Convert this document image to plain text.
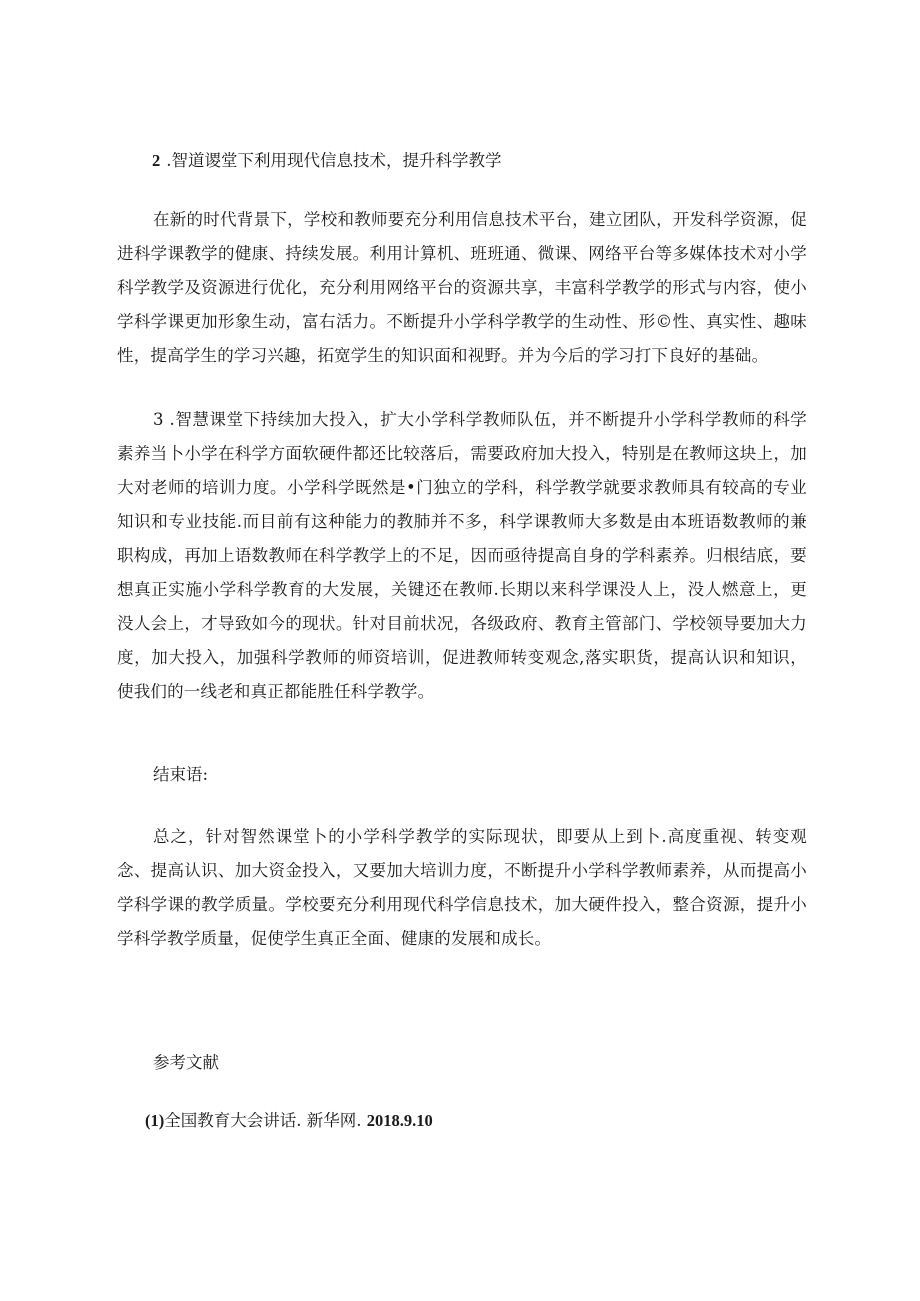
2 .智道谡堂下利用现代信息技术，提升科学教学

在新的时代背景下，学校和教师要充分利用信息技术平台，建立团队，开发科学资源，促进科学课教学的健康、持续发展。利用计算机、班班通、微课、网络平台等多媒体技术对小学科学教学及资源进行优化，充分利用网络平台的资源共享，丰富科学教学的形式与内容，使小学科学课更加形象生动，富右活力。不断提升小学科学教学的生动性、形©性、真实性、趣味性，提高学生的学习兴趣，拓宽学生的知识面和视野。并为今后的学习打下良好的基础。

3 .智慧课堂下持续加大投入，扩大小学科学教师队伍，并不断提升小学科学教师的科学素养当卜小学在科学方面软硬件都还比较落后，需要政府加大投入，特别是在教师这块上，加大对老师的培训力度。小学科学既然是•门独立的学科，科学教学就要求教师具有较高的专业知识和专业技能.而目前有这种能力的教肺并不多，科学课教师大多数是由本班语数教师的兼职构成，再加上语数教师在科学教学上的不足，因而亟待提高自身的学科素养。归根结底，要想真正实施小学科学教育的大发展，关键还在教师.长期以来科学课没人上，没人燃意上，更没人会上，才导致如今的现状。针对目前状况，各级政府、教育主管部门、学校领导要加大力度，加大投入，加强科学教师的师资培训，促进教师转变观念,落实职货，提高认识和知识，使我们的一线老和真正都能胜任科学教学。

结束语:

总之，针对智然课堂卜的小学科学教学的实际现状，即要从上到卜.高度重视、转变观念、提高认识、加大资金投入，又要加大培训力度，不断提升小学科学教师素养，从而提高小学科学课的教学质量。学校要充分利用现代科学信息技术，加大硬件投入，整合资源，提升小学科学教学质量，促使学生真正全面、健康的发展和成长。

参考文献
(1)全国教育大会讲话. 新华网. 2018.9.10
